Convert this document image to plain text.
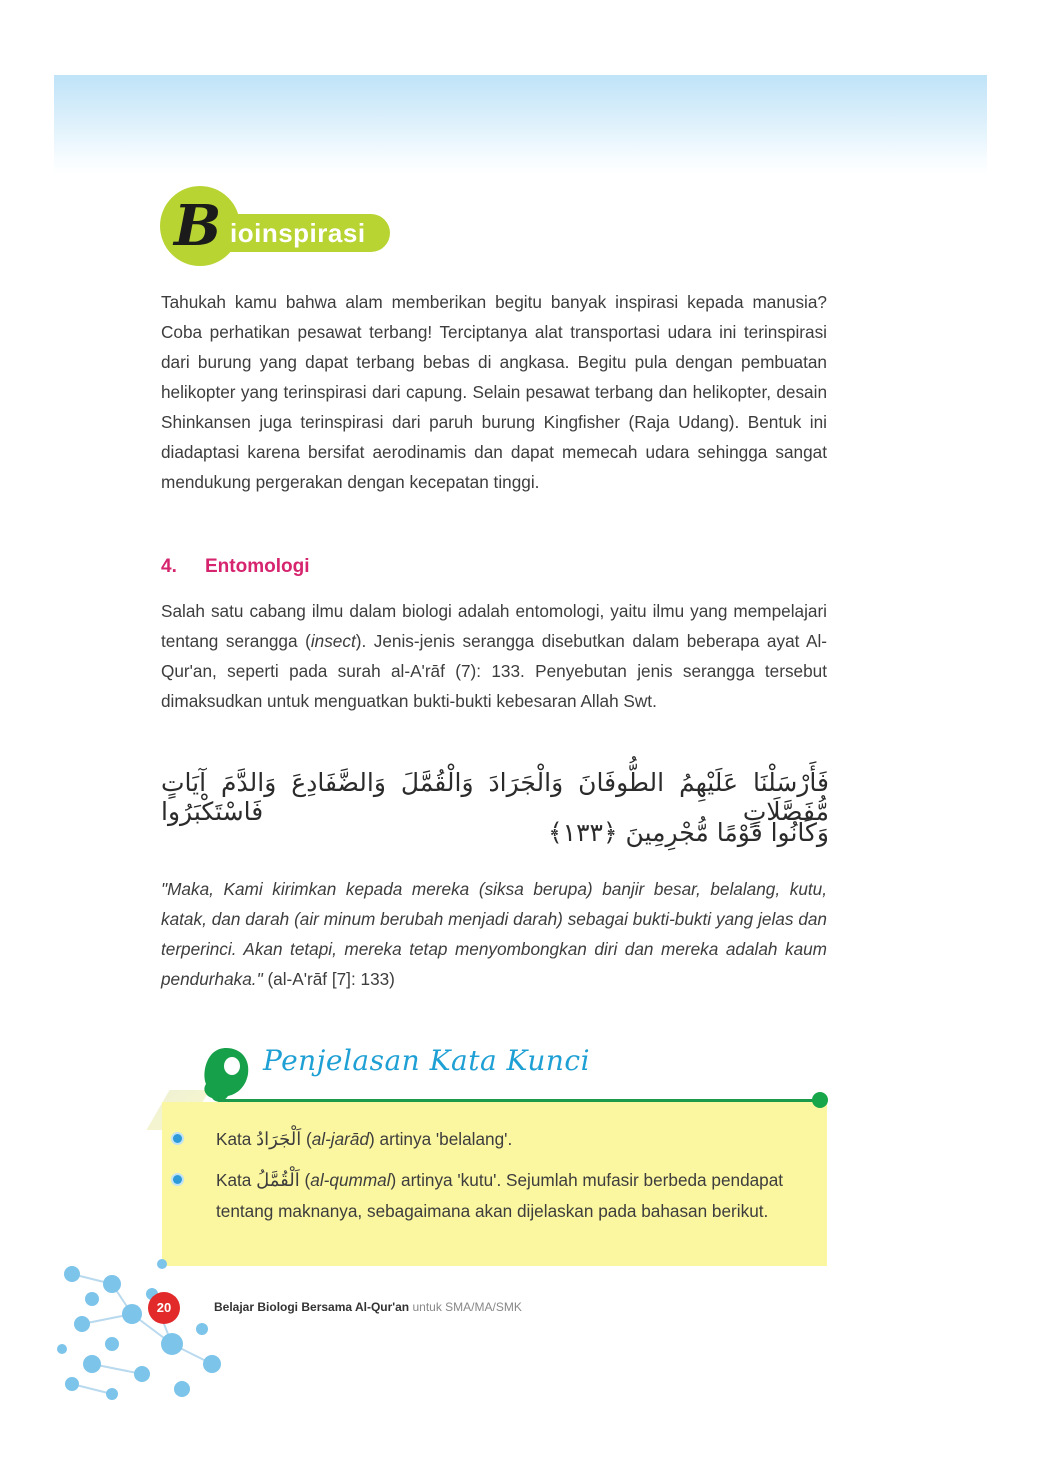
B ioinspirasi

Tahukah kamu bahwa alam memberikan begitu banyak inspirasi kepada manusia? Coba perhatikan pesawat terbang! Terciptanya alat transportasi udara ini terinspirasi dari burung yang dapat terbang bebas di angkasa. Begitu pula dengan pembuatan helikopter yang terinspirasi dari capung. Selain pesawat terbang dan helikopter, desain Shinkansen juga terinspirasi dari paruh burung Kingfisher (Raja Udang). Bentuk ini diadaptasi karena bersifat aerodinamis dan dapat memecah udara sehingga sangat mendukung pergerakan dengan kecepatan tinggi.

4. Entomologi

Salah satu cabang ilmu dalam biologi adalah entomologi, yaitu ilmu yang mempelajari tentang serangga (insect). Jenis-jenis serangga disebutkan dalam beberapa ayat Al-Qur'an, seperti pada surah al-A'rāf (7): 133. Penyebutan jenis serangga tersebut dimaksudkan untuk menguatkan bukti-bukti kebesaran Allah Swt.

فَأَرْسَلْنَا عَلَيْهِمُ الطُّوفَانَ وَالْجَرَادَ وَالْقُمَّلَ وَالضَّفَادِعَ وَالدَّمَ آيَاتٍ مُّفَصَّلَاتٍ فَاسْتَكْبَرُوا
وَكَانُوا قَوْمًا مُّجْرِمِينَ ﴿١٣٣﴾

"Maka, Kami kirimkan kepada mereka (siksa berupa) banjir besar, belalang, kutu, katak, dan darah (air minum berubah menjadi darah) sebagai bukti-bukti yang jelas dan terperinci. Akan tetapi, mereka tetap menyombongkan diri dan mereka adalah kaum pendurhaka." (al-A'rāf [7]: 133)

Penjelasan Kata Kunci
Kata اَلْجَرَادُ (al-jarād) artinya 'belalang'.
Kata اَلْقُمَّلُ (al-qummal) artinya 'kutu'. Sejumlah mufasir berbeda pendapat tentang maknanya, sebagaimana akan dijelaskan pada bahasan berikut.
20	Belajar Biologi Bersama Al-Qur'an untuk SMA/MA/SMK
